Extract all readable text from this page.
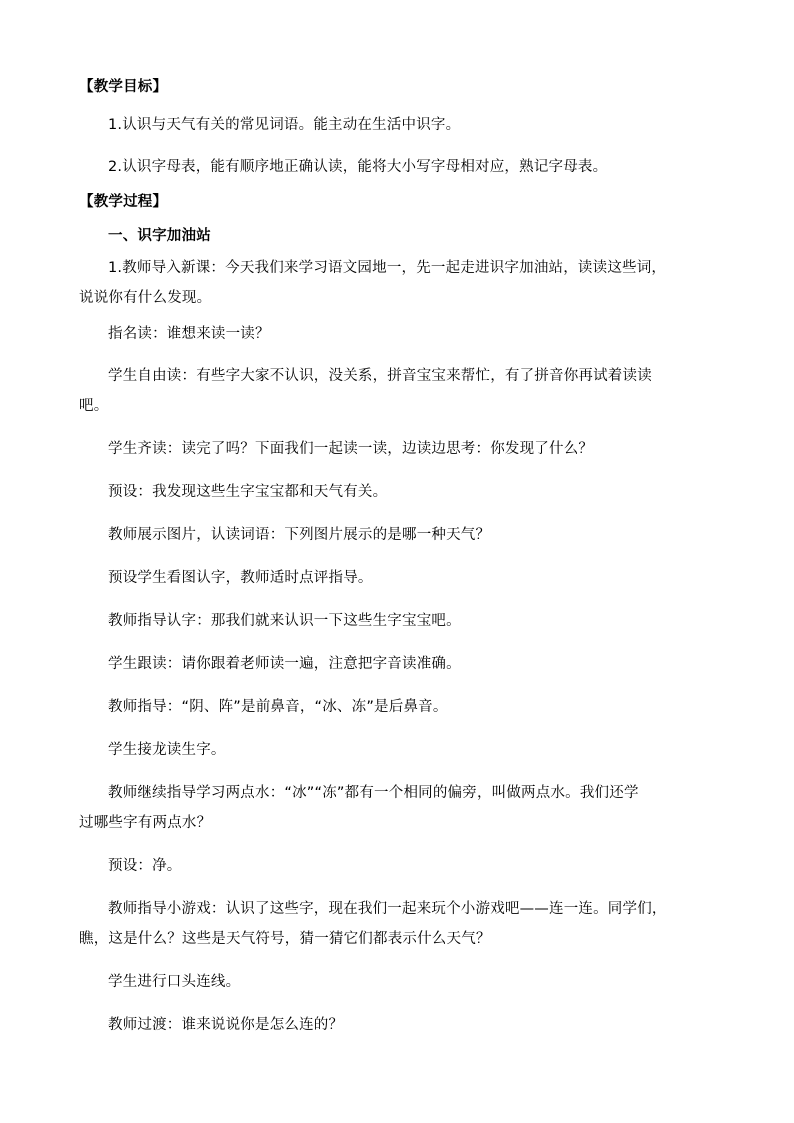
【教学目标】
1.认识与天气有关的常见词语。能主动在生活中识字。
2.认识字母表，能有顺序地正确认读，能将大小写字母相对应，熟记字母表。
【教学过程】
一、识字加油站
1.教师导入新课：今天我们来学习语文园地一，先一起走进识字加油站，读读这些词，
说说你有什么发现。
指名读：谁想来读一读？
学生自由读：有些字大家不认识，没关系，拼音宝宝来帮忙，有了拼音你再试着读读
吧。
学生齐读：读完了吗？下面我们一起读一读，边读边思考：你发现了什么？
预设：我发现这些生字宝宝都和天气有关。
教师展示图片，认读词语：下列图片展示的是哪一种天气？
预设学生看图认字，教师适时点评指导。
教师指导认字：那我们就来认识一下这些生字宝宝吧。
学生跟读：请你跟着老师读一遍，注意把字音读准确。
教师指导：“阴、阵”是前鼻音，“冰、冻”是后鼻音。
学生接龙读生字。
教师继续指导学习两点水：“冰”“冻”都有一个相同的偏旁，叫做两点水。我们还学
过哪些字有两点水？
预设：净。
教师指导小游戏：认识了这些字，现在我们一起来玩个小游戏吧——连一连。同学们，
瞧，这是什么？这些是天气符号，猜一猜它们都表示什么天气？
学生进行口头连线。
教师过渡：谁来说说你是怎么连的？
